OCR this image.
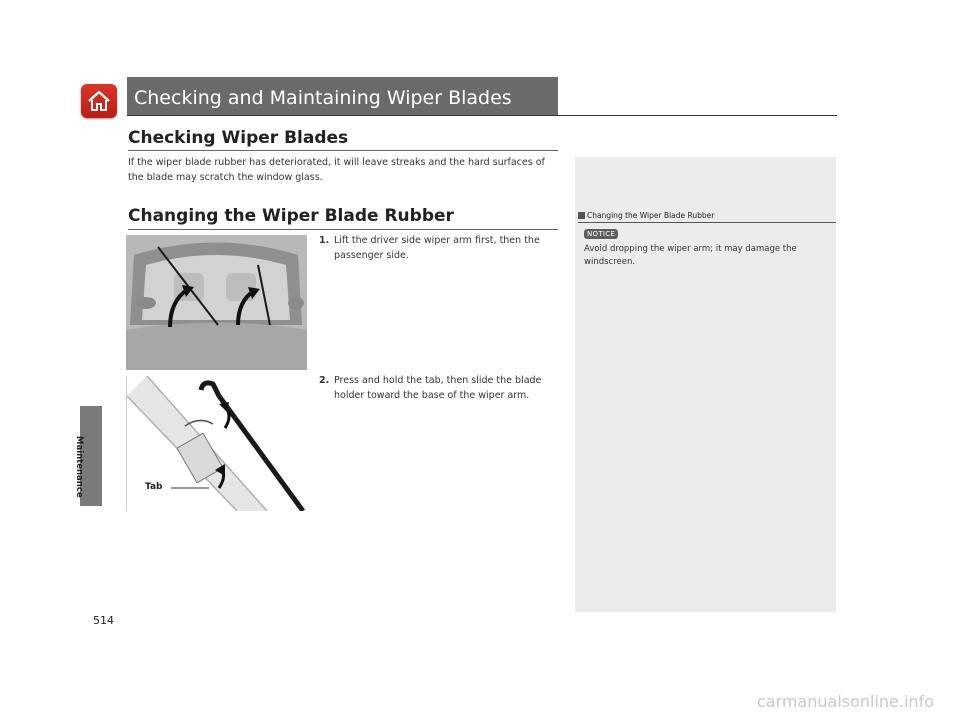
Checking and Maintaining Wiper Blades
Checking Wiper Blades
If the wiper blade rubber has deteriorated, it will leave streaks and the hard surfaces of the blade may scratch the window glass.
Changing the Wiper Blade Rubber
1. Lift the driver side wiper arm first, then the passenger side.
Tab
2. Press and hold the tab, then slide the blade holder toward the base of the wiper arm.
Changing the Wiper Blade Rubber
NOTICE
Avoid dropping the wiper arm; it may damage the windscreen.
Maintenance
514
carmanualsonline.info
